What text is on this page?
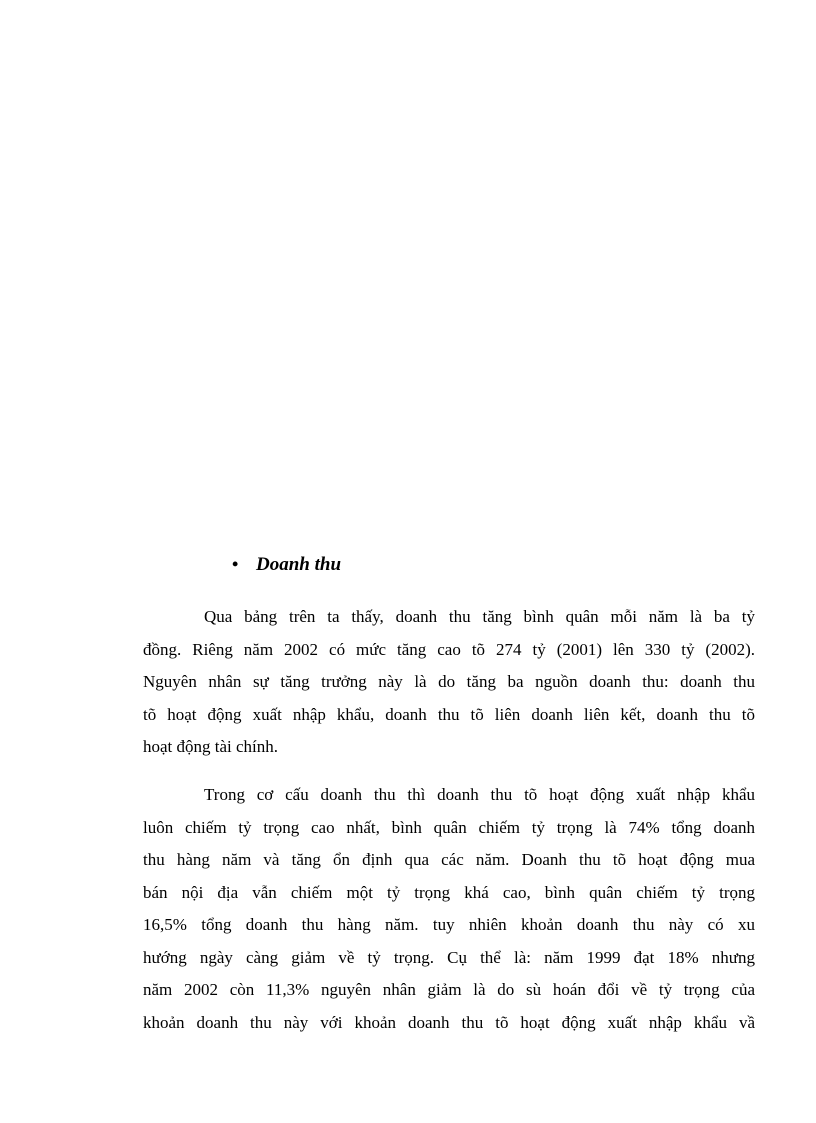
• Doanh thu
Qua bảng trên ta thấy, doanh thu tăng bình quân mỗi năm là ba tỷ
đồng. Riêng năm 2002 có mức tăng cao tõ 274 tỷ (2001) lên 330 tỷ (2002).
Nguyên nhân sự tăng trưởng này là do tăng ba nguồn doanh thu: doanh thu
tõ hoạt động xuất nhập khẩu, doanh thu tõ liên doanh liên kết, doanh thu tõ
hoạt động tài chính.
Trong cơ cấu doanh thu thì doanh thu tõ hoạt động xuất nhập khẩu
luôn chiếm tỷ trọng cao nhất, bình quân chiếm tỷ trọng là 74% tổng doanh
thu hàng năm và tăng ổn định qua các năm. Doanh thu tõ hoạt động mua
bán nội địa vẫn chiếm một tỷ trọng khá cao, bình quân chiếm tỷ trọng
16,5% tổng doanh thu hàng năm. tuy nhiên khoản doanh thu này có xu
hướng ngày càng giảm về tỷ trọng. Cụ thể là: năm 1999 đạt 18% nhưng
năm 2002 còn 11,3% nguyên nhân giảm là do sù hoán đổi về tỷ trọng của
khoản doanh thu này với khoản doanh thu tõ hoạt động xuất nhập khẩu vầ
